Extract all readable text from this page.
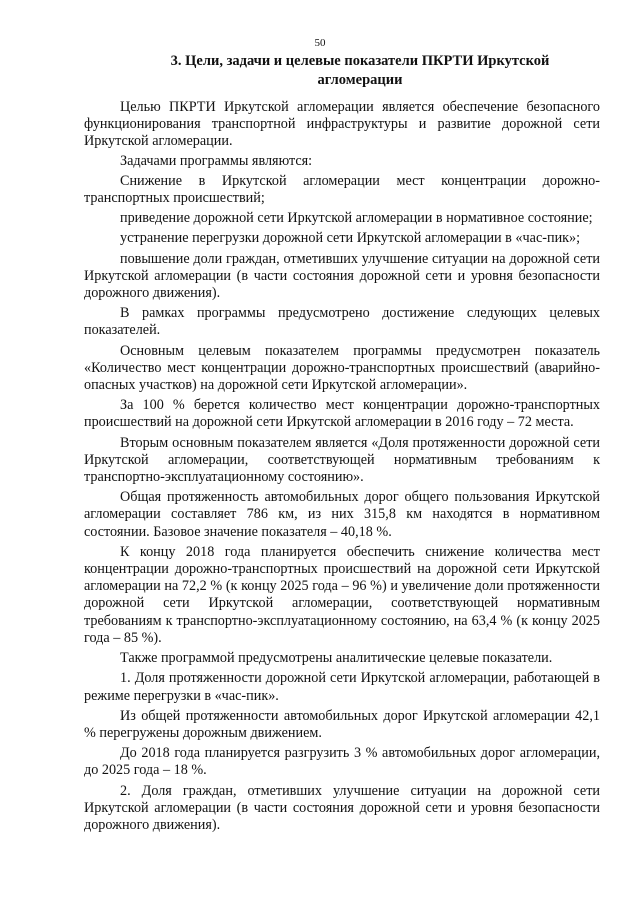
50
3. Цели, задачи и целевые показатели ПКРТИ Иркутской агломерации

Целью ПКРТИ Иркутской агломерации является обеспечение безопасного функционирования транспортной инфраструктуры и развитие дорожной сети Иркутской агломерации.

Задачами программы являются:

Снижение в Иркутской агломерации мест концентрации дорожно-транспортных происшествий;

приведение дорожной сети Иркутской агломерации в нормативное состояние;

устранение перегрузки дорожной сети Иркутской агломерации в «час-пик»;

повышение доли граждан, отметивших улучшение ситуации на дорожной сети Иркутской агломерации (в части состояния дорожной сети и уровня безопасности дорожного движения).

В рамках программы предусмотрено достижение следующих целевых показателей.

Основным целевым показателем программы предусмотрен показатель «Количество мест концентрации дорожно-транспортных происшествий (аварийно-опасных участков) на дорожной сети Иркутской агломерации».

За 100 % берется количество мест концентрации дорожно-транспортных происшествий на дорожной сети Иркутской агломерации в 2016 году – 72 места.

Вторым основным показателем является «Доля протяженности дорожной сети Иркутской агломерации, соответствующей нормативным требованиям к транспортно-эксплуатационному состоянию».

Общая протяженность автомобильных дорог общего пользования Иркутской агломерации составляет 786 км, из них 315,8 км находятся в нормативном состоянии. Базовое значение показателя – 40,18 %.

К концу 2018 года планируется обеспечить снижение количества мест концентрации дорожно-транспортных происшествий на дорожной сети Иркутской агломерации на 72,2 % (к концу 2025 года – 96 %) и увеличение доли протяженности дорожной сети Иркутской агломерации, соответствующей нормативным требованиям к транспортно-эксплуатационному состоянию, на 63,4 % (к концу 2025 года – 85 %).

Также программой предусмотрены аналитические целевые показатели.

1. Доля протяженности дорожной сети Иркутской агломерации, работающей в режиме перегрузки в «час-пик».

Из общей протяженности автомобильных дорог Иркутской агломерации 42,1 % перегружены дорожным движением.

До 2018 года планируется разгрузить 3 % автомобильных дорог агломерации, до 2025 года – 18 %.

2. Доля граждан, отметивших улучшение ситуации на дорожной сети Иркутской агломерации (в части состояния дорожной сети и уровня безопасности дорожного движения).
